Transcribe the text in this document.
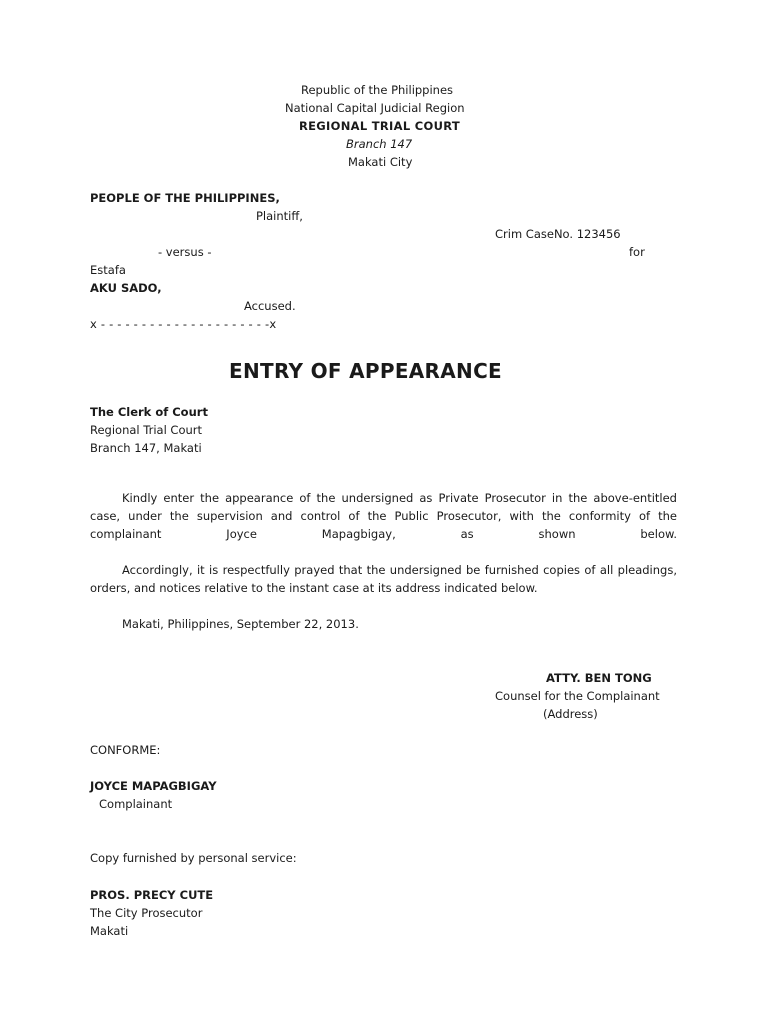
Republic of the Philippines
National Capital Judicial Region
REGIONAL TRIAL COURT
Branch 147
Makati City
PEOPLE OF THE PHILIPPINES,
Plaintiff,
Crim CaseNo. 123456
- versus -	for
Estafa
AKU SADO,
Accused.
x - - - - - - - - - - - - - - - - - - - - -x
ENTRY OF APPEARANCE
The Clerk of Court
Regional Trial Court
Branch 147, Makati
Kindly enter the appearance of the undersigned as Private Prosecutor in the above-entitled case, under the supervision and control of the Public Prosecutor, with the conformity of the complainant Joyce Mapagbigay, as shown below.
Accordingly, it is respectfully prayed that the undersigned be furnished copies of all pleadings, orders, and notices relative to the instant case at its address indicated below.
Makati, Philippines, September 22, 2013.
ATTY. BEN TONG
Counsel for the Complainant
(Address)
CONFORME:
JOYCE MAPAGBIGAY
Complainant
Copy furnished by personal service:
PROS. PRECY CUTE
The City Prosecutor
Makati
